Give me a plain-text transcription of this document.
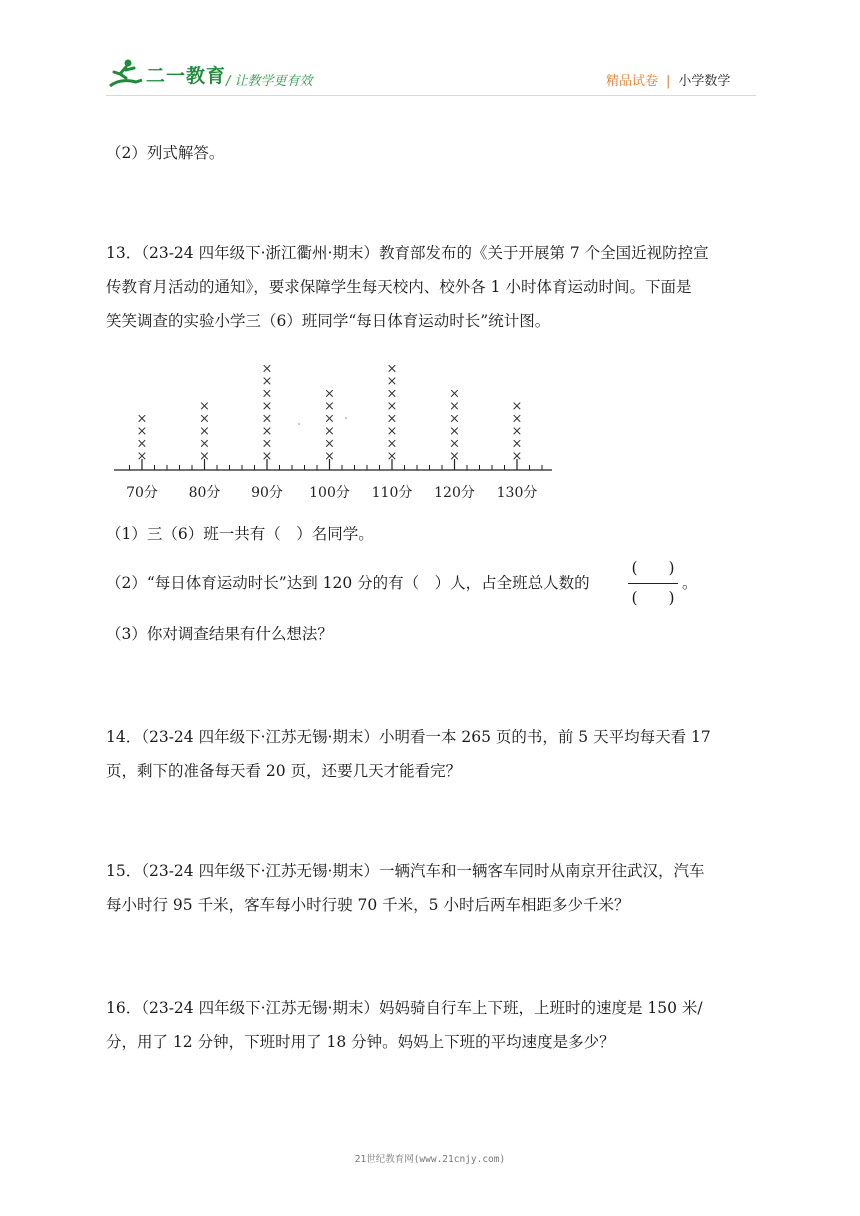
二一教育 / 让教学更有效	精品试卷 | 小学数学
（2）列式解答。
13．（23-24 四年级下·浙江衢州·期末）教育部发布的《关于开展第 7 个全国近视防控宣
传教育月活动的通知》，要求保障学生每天校内、校外各 1 小时体育运动时间。下面是
笑笑调查的实验小学三（6）班同学“每日体育运动时长”统计图。
×
×
×
×
×
×
×
×
×
×
×
×
×
×
×
×
×
×
×
×
×
×
×
×
×
×
×
×
×
×
×
×
×
×
×
×
×
×
×
×
×
×
70分 80分 90分 100分 110分 120分 130分
（1）三（6）班一共有（　）名同学。
（2）“每日体育运动时长”达到 120 分的有（　）人，占全班总人数的
(　　)
(　　)
。
（3）你对调查结果有什么想法？
14．（23-24 四年级下·江苏无锡·期末）小明看一本 265 页的书，前 5 天平均每天看 17
页，剩下的准备每天看 20 页，还要几天才能看完？
15．（23-24 四年级下·江苏无锡·期末）一辆汽车和一辆客车同时从南京开往武汉，汽车
每小时行 95 千米，客车每小时行驶 70 千米，5 小时后两车相距多少千米？
16．（23-24 四年级下·江苏无锡·期末）妈妈骑自行车上下班，上班时的速度是 150 米/
分，用了 12 分钟，下班时用了 18 分钟。妈妈上下班的平均速度是多少？
21世纪教育网(www.21cnjy.com)
